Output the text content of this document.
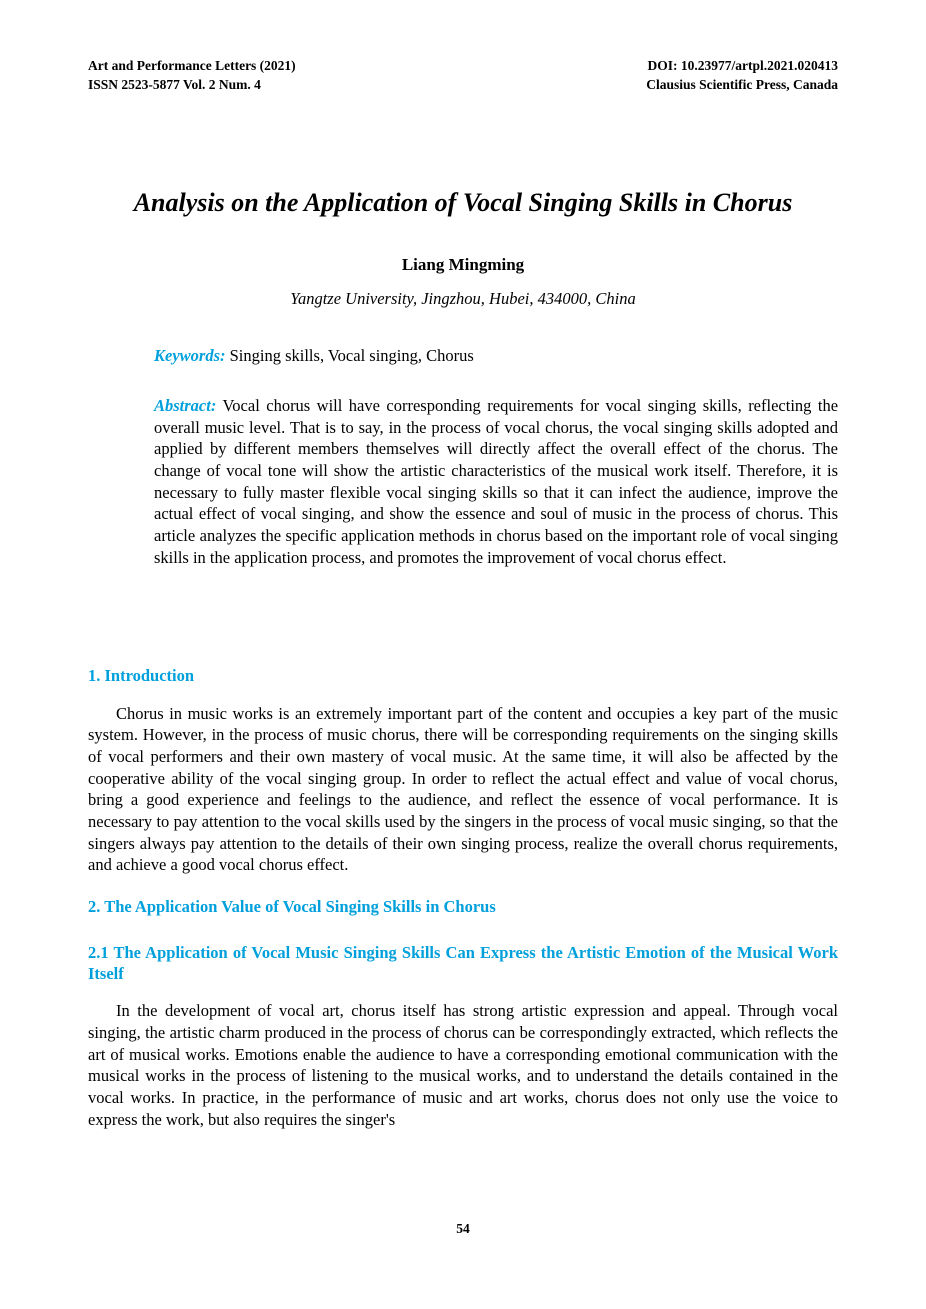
Art and Performance Letters (2021)
ISSN 2523-5877 Vol. 2 Num. 4
DOI: 10.23977/artpl.2021.020413
Clausius Scientific Press, Canada
Analysis on the Application of Vocal Singing Skills in Chorus
Liang Mingming
Yangtze University, Jingzhou, Hubei, 434000, China

Keywords: Singing skills, Vocal singing, Chorus

Abstract: Vocal chorus will have corresponding requirements for vocal singing skills, reflecting the overall music level. That is to say, in the process of vocal chorus, the vocal singing skills adopted and applied by different members themselves will directly affect the overall effect of the chorus. The change of vocal tone will show the artistic characteristics of the musical work itself. Therefore, it is necessary to fully master flexible vocal singing skills so that it can infect the audience, improve the actual effect of vocal singing, and show the essence and soul of music in the process of chorus. This article analyzes the specific application methods in chorus based on the important role of vocal singing skills in the application process, and promotes the improvement of vocal chorus effect.

1. Introduction

Chorus in music works is an extremely important part of the content and occupies a key part of the music system. However, in the process of music chorus, there will be corresponding requirements on the singing skills of vocal performers and their own mastery of vocal music. At the same time, it will also be affected by the cooperative ability of the vocal singing group. In order to reflect the actual effect and value of vocal chorus, bring a good experience and feelings to the audience, and reflect the essence of vocal performance. It is necessary to pay attention to the vocal skills used by the singers in the process of vocal music singing, so that the singers always pay attention to the details of their own singing process, realize the overall chorus requirements, and achieve a good vocal chorus effect.

2. The Application Value of Vocal Singing Skills in Chorus
2.1 The Application of Vocal Music Singing Skills Can Express the Artistic Emotion of the Musical Work Itself

In the development of vocal art, chorus itself has strong artistic expression and appeal. Through vocal singing, the artistic charm produced in the process of chorus can be correspondingly extracted, which reflects the art of musical works. Emotions enable the audience to have a corresponding emotional communication with the musical works in the process of listening to the musical works, and to understand the details contained in the vocal works. In practice, in the performance of music and art works, chorus does not only use the voice to express the work, but also requires the singer's

54
